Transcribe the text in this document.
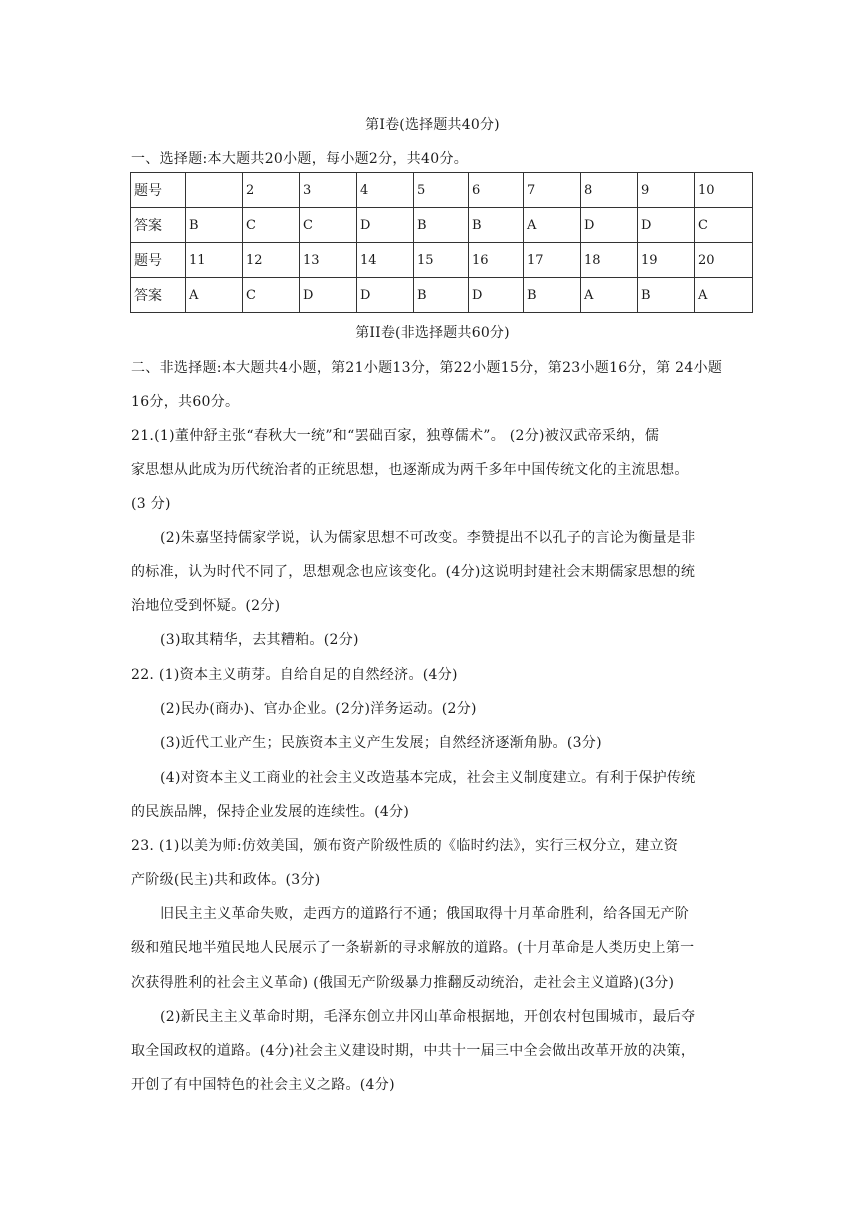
第I卷(选择题共40分)
一、选择题:本大题共20小题，每小题2分，共40分。
题号		2	3	4	5	6	7	8	9	10
答案	B	C	C	D	B	B	A	D	D	C
题号	11	12	13	14	15	16	17	18	19	20
答案	A	C	D	D	B	D	B	A	B	A
第II卷(非选择题共60分)
二、非选择题:本大题共4小题，第21小题13分，第22小题15分，第23小题16分，第 24小题
16分，共60分。
21.(1)董仲舒主张“春秋大一统”和“罢础百家，独尊儒术”。 (2分)被汉武帝采纳，儒
家思想从此成为历代统治者的正统思想，也逐渐成为两千多年中国传统文化的主流思想。
(3 分)
(2)朱嘉坚持儒家学说，认为儒家思想不可改变。李赞提出不以孔子的言论为衡量是非
的标准，认为时代不同了，思想观念也应该变化。(4分)这说明封建社会末期儒家思想的统
治地位受到怀疑。(2分)
(3)取其精华，去其糟粕。(2分)
22. (1)资本主义萌芽。自给自足的自然经济。(4分)
(2)民办(商办)、官办企业。(2分)洋务运动。(2分)
(3)近代工业产生；民族资本主义产生发展；自然经济逐渐角胁。(3分)
(4)对资本主义工商业的社会主义改造基本完成，社会主义制度建立。有利于保护传统
的民族品牌，保持企业发展的连续性。(4分)
23. (1)以美为师:仿效美国，颁布资产阶级性质的《临时约法》，实行三权分立，建立资
产阶级(民主)共和政体。(3分)
旧民主主义革命失败，走西方的道路行不通；俄国取得十月革命胜利，给各国无产阶
级和殖民地半殖民地人民展示了一条崭新的寻求解放的道路。(十月革命是人类历史上第一
次获得胜利的社会主义革命) (俄国无产阶级暴力推翻反动统治，走社会主义道路)(3分)
(2)新民主主义革命时期，毛泽东创立井冈山革命根据地，开创农村包围城市，最后夺
取全国政权的道路。(4分)社会主义建设时期，中共十一届三中全会做出改革开放的决策，
开创了有中国特色的社会主义之路。(4分)
